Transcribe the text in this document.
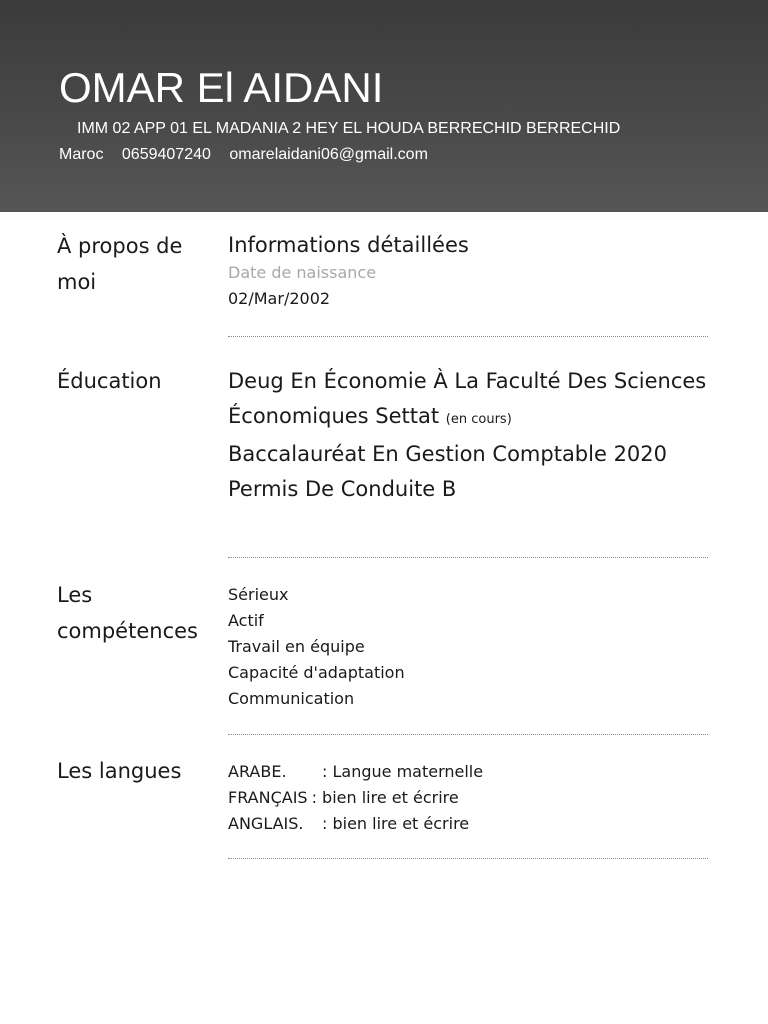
OMAR El AIDANI
IMM 02 APP 01 EL MADANIA 2 HEY EL HOUDA BERRECHID BERRECHID
Maroc 0659407240 omarelaidani06@gmail.com
À propos de moi
Informations détaillées
Date de naissance
02/Mar/2002
Éducation	Deug En Économie À La Faculté Des Sciences Économiques Settat (en cours)
Baccalauréat En Gestion Comptable 2020
Permis De Conduite B
Les compétences
Sérieux
Actif
Travail en équipe
Capacité d'adaptation
Communication
Les langues	ARABE. : Langue maternelle
FRANÇAIS : bien lire et écrire
ANGLAIS. : bien lire et écrire
